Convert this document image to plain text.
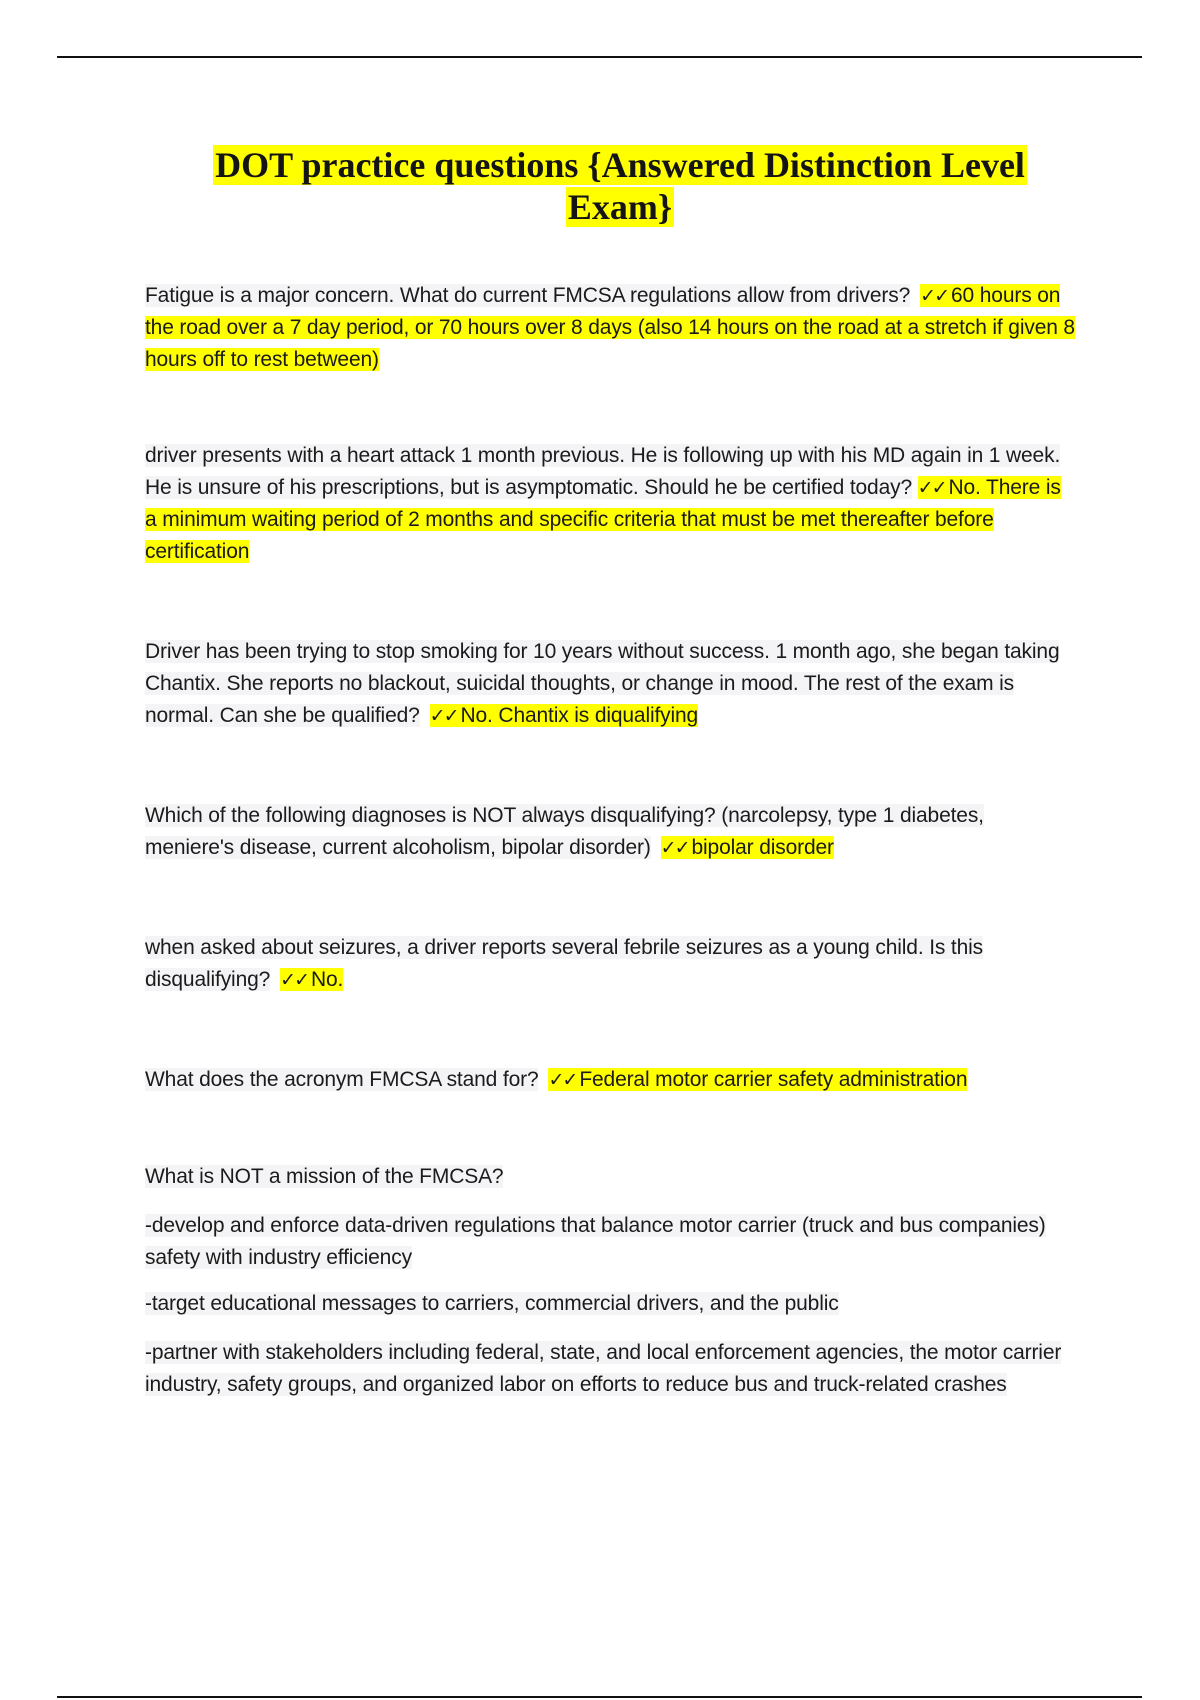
DOT practice questions {Answered Distinction Level Exam}
Fatigue is a major concern. What do current FMCSA regulations allow from drivers? ✓✓ 60 hours on the road over a 7 day period, or 70 hours over 8 days (also 14 hours on the road at a stretch if given 8 hours off to rest between)
driver presents with a heart attack 1 month previous. He is following up with his MD again in 1 week. He is unsure of his prescriptions, but is asymptomatic. Should he be certified today? ✓✓ No. There is a minimum waiting period of 2 months and specific criteria that must be met thereafter before certification
Driver has been trying to stop smoking for 10 years without success. 1 month ago, she began taking Chantix. She reports no blackout, suicidal thoughts, or change in mood. The rest of the exam is normal. Can she be qualified? ✓✓ No. Chantix is diqualifying
Which of the following diagnoses is NOT always disqualifying? (narcolepsy, type 1 diabetes, meniere's disease, current alcoholism, bipolar disorder) ✓✓ bipolar disorder
when asked about seizures, a driver reports several febrile seizures as a young child. Is this disqualifying? ✓✓ No.
What does the acronym FMCSA stand for? ✓✓ Federal motor carrier safety administration
What is NOT a mission of the FMCSA?
-develop and enforce data-driven regulations that balance motor carrier (truck and bus companies) safety with industry efficiency
-target educational messages to carriers, commercial drivers, and the public
-partner with stakeholders including federal, state, and local enforcement agencies, the motor carrier industry, safety groups, and organized labor on efforts to reduce bus and truck-related crashes
